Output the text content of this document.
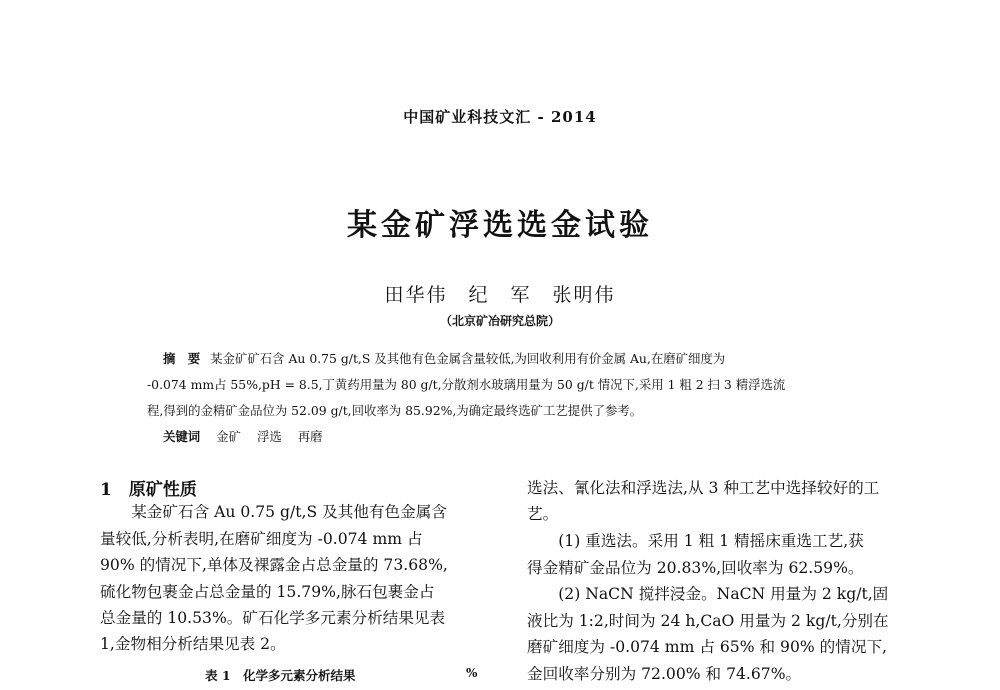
中国矿业科技文汇 - 2014
某金矿浮选选金试验
田华伟　纪　军　张明伟
（北京矿冶研究总院）
摘　要 某金矿矿石含 Au 0.75 g/t,S 及其他有色金属含量较低,为回收利用有价金属 Au,在磨矿细度为
-0.074 mm占 55%,pH = 8.5,丁黄药用量为 80 g/t,分散剂水玻璃用量为 50 g/t 情况下,采用 1 粗 2 扫 3 精浮选流
程,得到的金精矿金品位为 52.09 g/t,回收率为 85.92%,为确定最终选矿工艺提供了参考。
关键词 金矿 浮选 再磨
1　原矿性质
　　某金矿石含 Au 0.75 g/t,S 及其他有色金属含
量较低,分析表明,在磨矿细度为 -0.074 mm 占
90% 的情况下,单体及裸露金占总金量的 73.68%,
硫化物包裹金占总金量的 15.79%,脉石包裹金占
总金量的 10.53%。矿石化学多元素分析结果见表
1,金物相分析结果见表 2。
表 1　化学多元素分析结果	%
选法、氰化法和浮选法,从 3 种工艺中选择较好的工
艺。
　　(1) 重选法。采用 1 粗 1 精摇床重选工艺,获
得金精矿金品位为 20.83%,回收率为 62.59%。
　　(2) NaCN 搅拌浸金。NaCN 用量为 2 kg/t,固
液比为 1:2,时间为 24 h,CaO 用量为 2 kg/t,分别在
磨矿细度为 -0.074 mm 占 65% 和 90% 的情况下,
金回收率分别为 72.00% 和 74.67%。
